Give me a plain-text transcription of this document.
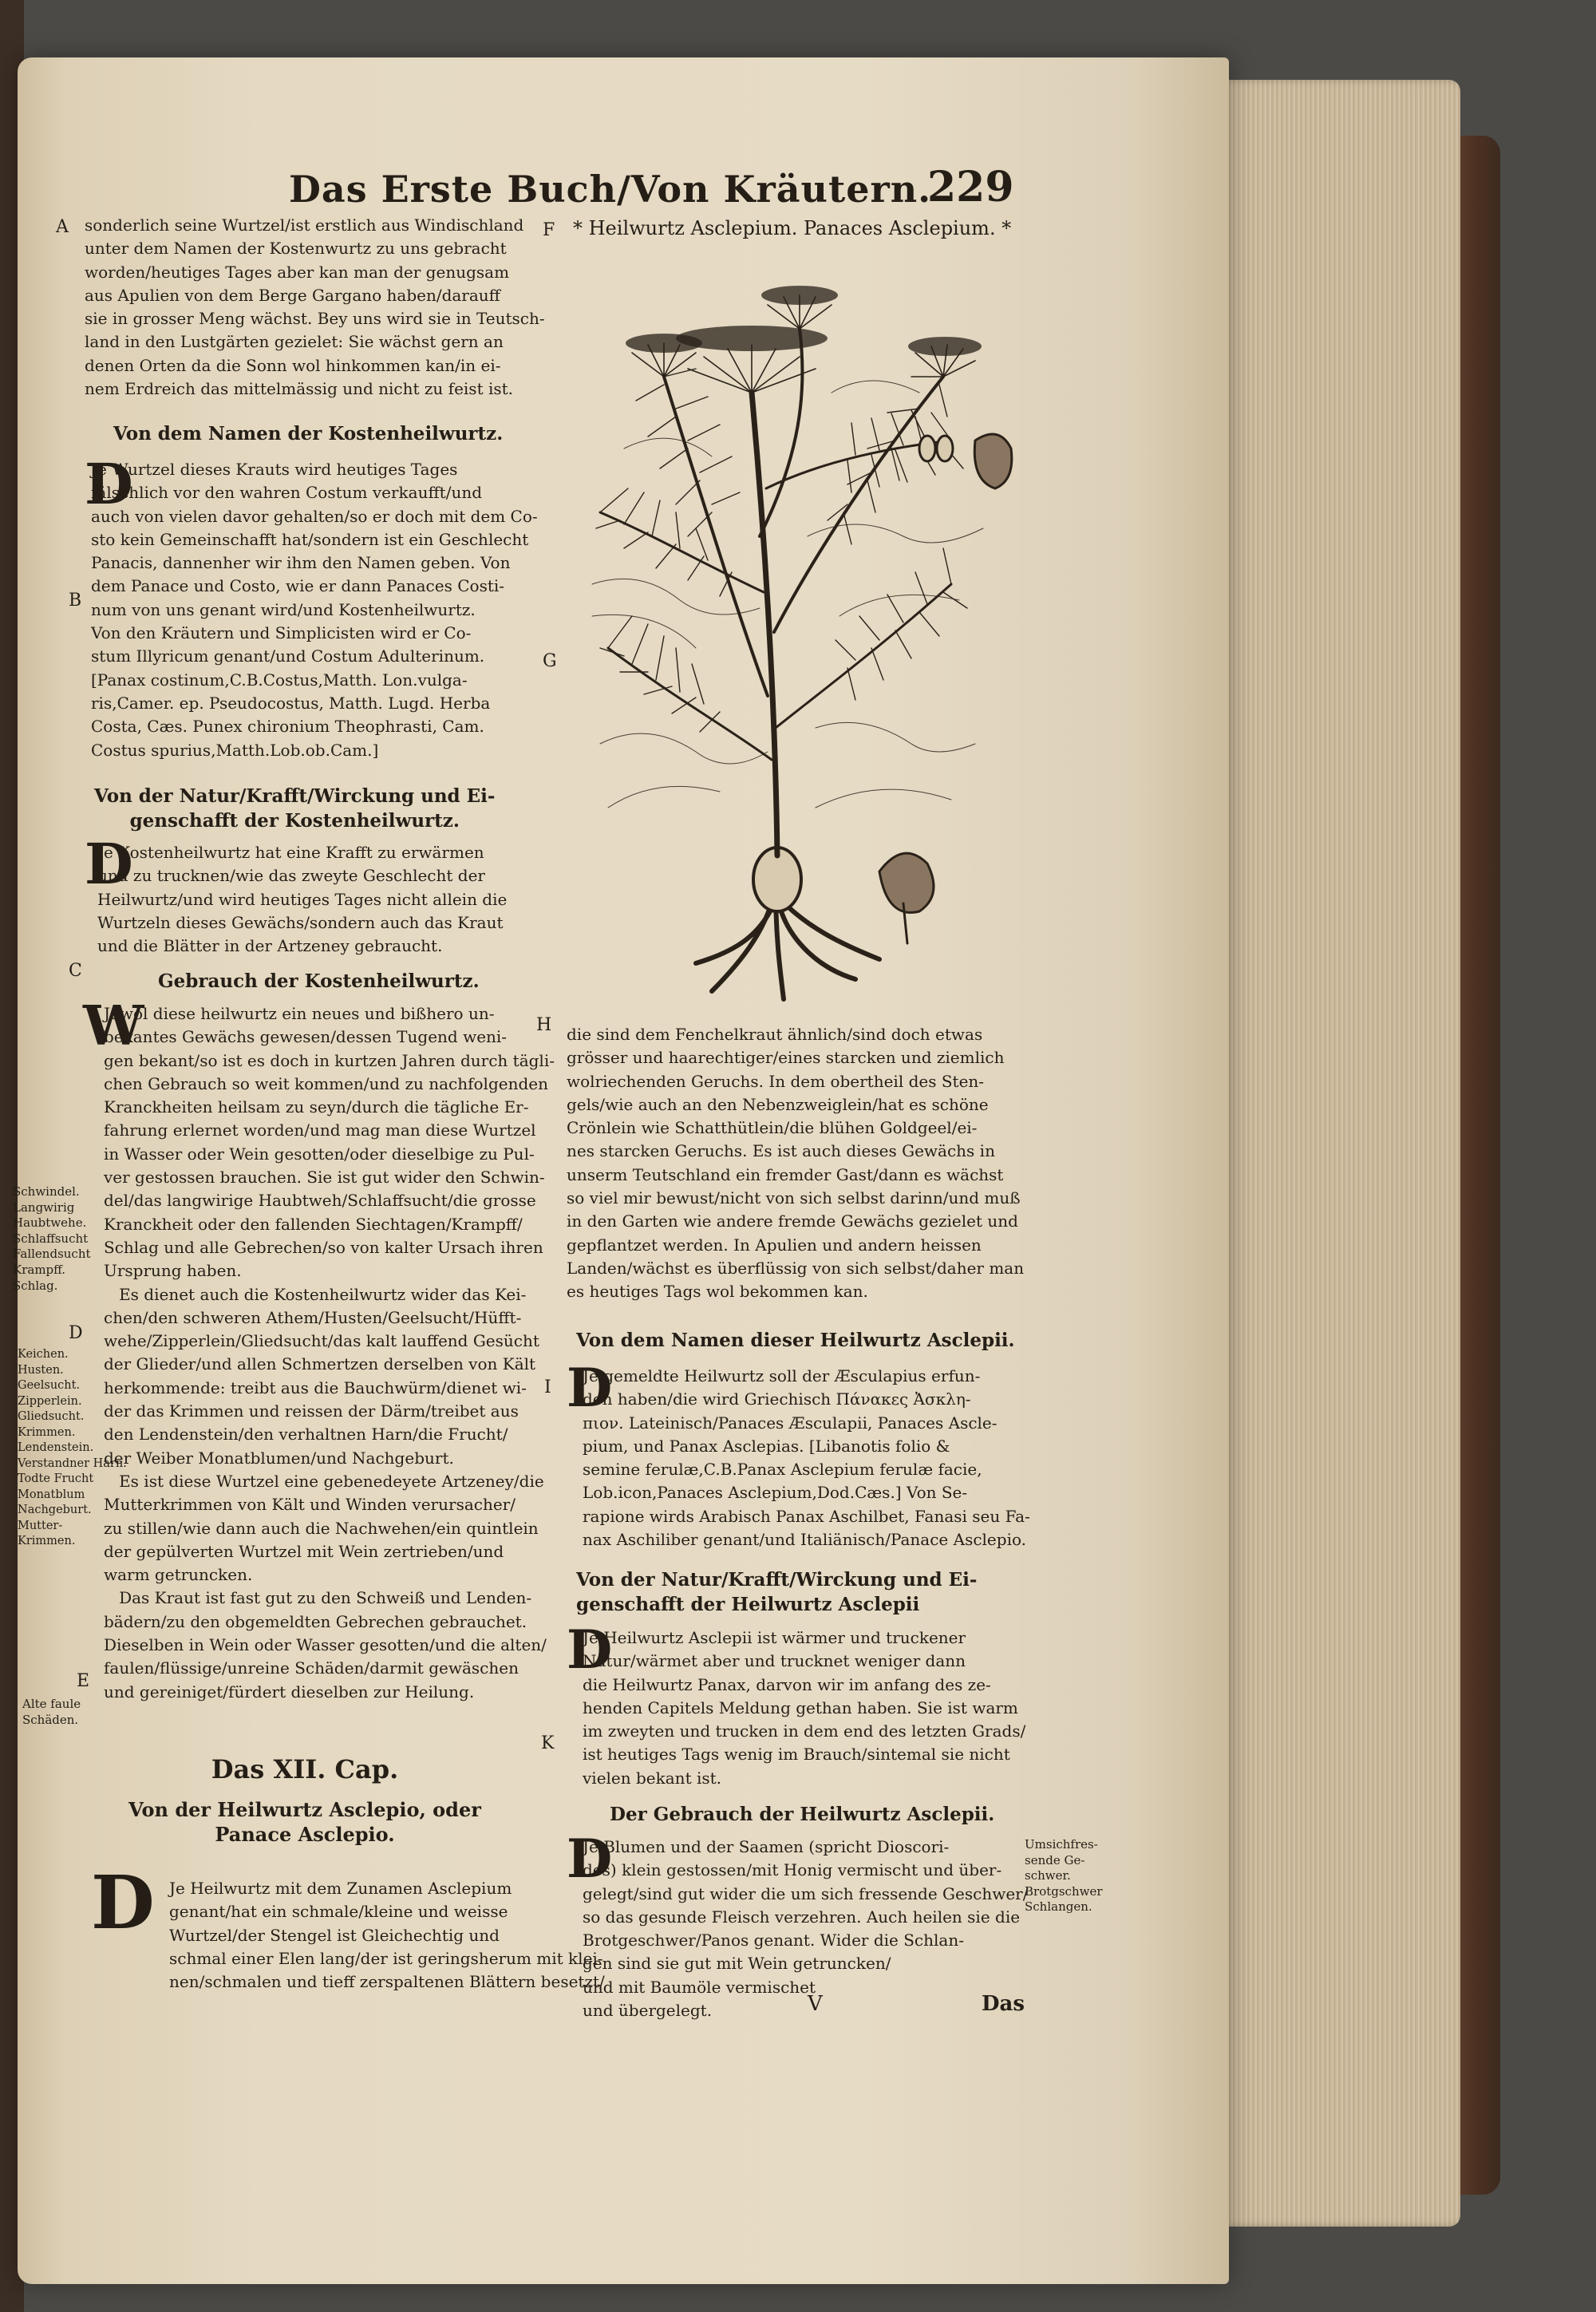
Das Erste Buch/Von Kräutern.
229
A sonderlich seine Wurtzel/ist erstlich aus Windischland
unter dem Namen der Kostenwurtz zu uns gebracht
worden/heutiges Tages aber kan man der genugsam
aus Apulien von dem Berge Gargano haben/darauff
sie in grosser Meng wächst. Bey uns wird sie in Teutsch-
land in den Lustgärten gezielet: Sie wächst gern an
denen Orten da die Sonn wol hinkommen kan/in ei-
nem Erdreich das mittelmässig und nicht zu feist ist.
Von dem Namen der Kostenheilwurtz.
D
Je Wurtzel dieses Krauts wird heutiges Tages
fälschlich vor den wahren Costum verkaufft/und
auch von vielen davor gehalten/so er doch mit dem Co-
sto kein Gemeinschafft hat/sondern ist ein Geschlecht
Panacis, dannenher wir ihm den Namen geben. Von
dem Panace und Costo, wie er dann Panaces Costi-
num von uns genant wird/und Kostenheilwurtz.
Von den Kräutern und Simplicisten wird er Co-
stum Illyricum genant/und Costum Adulterinum.
[Panax costinum,C.B.Costus,Matth. Lon.vulga-
ris,Camer. ep. Pseudocostus, Matth. Lugd. Herba
Costa, Cæs. Punex chironium Theophrasti, Cam.
Costus spurius,Matth.Lob.ob.Cam.]
B
Von der Natur/Krafft/Wirckung und Ei-
genschafft der Kostenheilwurtz.
D
Je Kostenheilwurtz hat eine Krafft zu erwärmen
und zu trucknen/wie das zweyte Geschlecht der
Heilwurtz/und wird heutiges Tages nicht allein die
Wurtzeln dieses Gewächs/sondern auch das Kraut
und die Blätter in der Artzeney gebraucht.
C	Gebrauch der Kostenheilwurtz.
W
Jewol diese heilwurtz ein neues und bißhero un-
bekantes Gewächs gewesen/dessen Tugend weni-
gen bekant/so ist es doch in kurtzen Jahren durch tägli-
chen Gebrauch so weit kommen/und zu nachfolgenden
Kranckheiten heilsam zu seyn/durch die tägliche Er-
fahrung erlernet worden/und mag man diese Wurtzel
in Wasser oder Wein gesotten/oder dieselbige zu Pul-
ver gestossen brauchen. Sie ist gut wider den Schwin-
del/das langwirige Haubtweh/Schlaffsucht/die grosse
Kranckheit oder den fallenden Siechtagen/Krampff/
Schlag und alle Gebrechen/so von kalter Ursach ihren
Ursprung haben.
Es dienet auch die Kostenheilwurtz wider das Kei-
chen/den schweren Athem/Husten/Geelsucht/Hüfft-
wehe/Zipperlein/Gliedsucht/das kalt lauffend Gesücht
der Glieder/und allen Schmertzen derselben von Kält
herkommende: treibt aus die Bauchwürm/dienet wi-
der das Krimmen und reissen der Därm/treibet aus
den Lendenstein/den verhaltnen Harn/die Frucht/
der Weiber Monatblumen/und Nachgeburt.
Es ist diese Wurtzel eine gebenedeyete Artzeney/die
Mutterkrimmen von Kält und Winden verursacher/
zu stillen/wie dann auch die Nachwehen/ein quintlein
der gepülverten Wurtzel mit Wein zertrieben/und
warm getruncken.
Das Kraut ist fast gut zu den Schweiß und Lenden-
bädern/zu den obgemeldten Gebrechen gebrauchet.
Dieselben in Wein oder Wasser gesotten/und die alten/
faulen/flüssige/unreine Schäden/darmit gewäschen
und gereiniget/fürdert dieselben zur Heilung.
Schwindel.
Langwirig
Haubtwehe.
Schlaffsucht
Fallendsucht
Krampff.
Schlag.
D
Keichen.
Husten.
Geelsucht.
Zipperlein.
Gliedsucht.
Krimmen.
Lendenstein.
Verstandner Harn.
Todte Frucht
Monatblum
Nachgeburt.
Mutter-
Krimmen.
E
Alte faule
Schäden.
Das XII. Cap.
Von der Heilwurtz Asclepio, oder
Panace Asclepio.
D Je Heilwurtz mit dem Zunamen Asclepium
genant/hat ein schmale/kleine und weisse
Wurtzel/der Stengel ist Gleichechtig und
schmal einer Elen lang/der ist geringsherum mit klei-
nen/schmalen und tieff zerspaltenen Blättern besetzt/
F * Heilwurtz Asclepium. Panaces Asclepium. *
G
H die sind dem Fenchelkraut ähnlich/sind doch etwas
grösser und haarechtiger/eines starcken und ziemlich
wolriechenden Geruchs. In dem obertheil des Sten-
gels/wie auch an den Nebenzweiglein/hat es schöne
Crönlein wie Schatthütlein/die blühen Goldgeel/ei-
nes starcken Geruchs. Es ist auch dieses Gewächs in
unserm Teutschland ein fremder Gast/dann es wächst
so viel mir bewust/nicht von sich selbst darinn/und muß
in den Garten wie andere fremde Gewächs gezielet und
gepflantzet werden. In Apulien und andern heissen
Landen/wächst es überflüssig von sich selbst/daher man
es heutiges Tags wol bekommen kan.
Von dem Namen dieser Heilwurtz Asclepii.
I D
Je gemeldte Heilwurtz soll der Æsculapius erfun-
den haben/die wird Griechisch Πάνακες Ἀσκλη-
πιον. Lateinisch/Panaces Æsculapii, Panaces Ascle-
pium, und Panax Asclepias. [Libanotis folio &
semine ferulæ,C.B.Panax Asclepium ferulæ facie,
Lob.icon,Panaces Asclepium,Dod.Cæs.] Von Se-
rapione wirds Arabisch Panax Aschilbet, Fanasi seu Fa-
nax Aschiliber genant/und Italiänisch/Panace Asclepio.
Von der Natur/Krafft/Wirckung und Ei-
genschafft der Heilwurtz Asclepii
D
Je Heilwurtz Asclepii ist wärmer und truckener
Natur/wärmet aber und trucknet weniger dann
die Heilwurtz Panax, darvon wir im anfang des ze-
henden Capitels Meldung gethan haben. Sie ist warm
im zweyten und trucken in dem end des letzten Grads/
ist heutiges Tags wenig im Brauch/sintemal sie nicht
vielen bekant ist.
K
Der Gebrauch der Heilwurtz Asclepii.
D
Je Blumen und der Saamen (spricht Dioscori-
des) klein gestossen/mit Honig vermischt und über-
gelegt/sind gut wider die um sich fressende Geschwer/
so das gesunde Fleisch verzehren. Auch heilen sie die
Brotgeschwer/Panos genant. Wider die Schlan-
gen sind sie gut mit Wein getruncken/
und mit Baumöle vermischet
und übergelegt.
Umsichfres-
sende Ge-
schwer.
Brotgschwer
Schlangen.
V	Das
